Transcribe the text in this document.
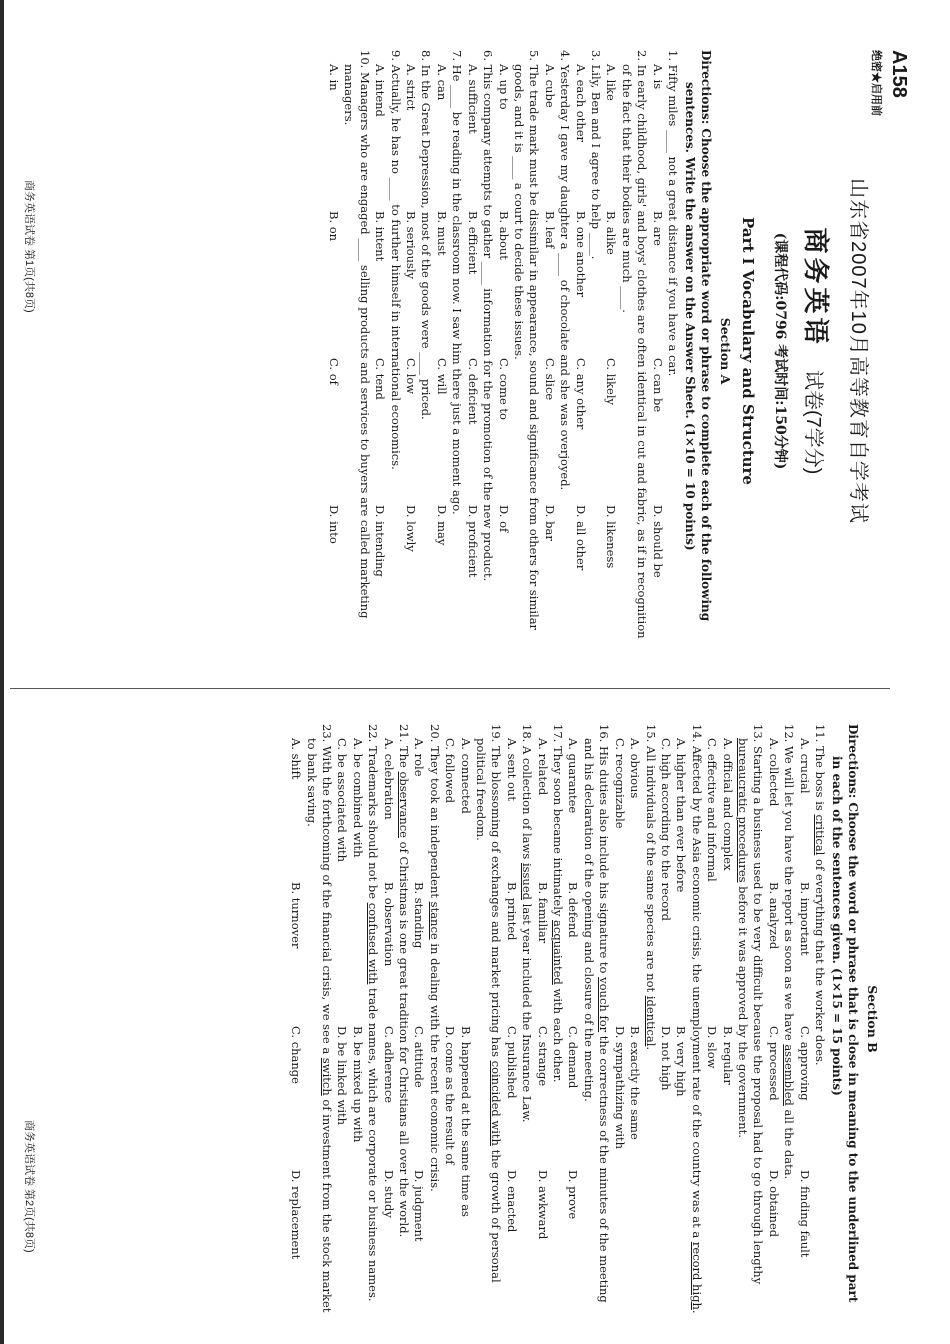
A158
绝密★启用前
山东省2007年10月高等教育自学考试
商务英语 试卷(7学分)
(课程代码:0796 考试时间:150分钟)
Part I Vocabulary and Structure
Section A
Directions: Choose the appropriate word or phrase to complete each of the following sentences. Write the answer on the Answer Sheet. (1×10 = 10 points)
1. Fifty miles ____ not a great distance if you have a car.
A. is
B. are
C. can be
D. should be
2. In early childhood, girls' and boys' clothes are often identical in cut and fabric, as if in recognition of the fact that their bodies are much ____.
A. like
B. alike
C. likely
D. likeness
3. Lily, Ben and I agree to help ____.
A. each other
B. one another
C. any other
D. all other
4. Yesterday I gave my daughter a ____ of chocolate and she was overjoyed.
A. cube
B. leaf
C. slice
D. bar
5. The trade mark must be dissimilar in appearance, sound and significance from others for similar goods, and it is ____ a court to decide these issues.
A. up to
B. about
C. come to
D. of
6. This company attempts to gather ____ information for the promotion of the new product.
A. sufficient
B. efficient
C. deficient
D. proficient
7. He ____ be reading in the classroom now. I saw him there just a moment ago.
A. can
B. must
C. will
D. may
8. In the Great Depression, most of the goods were ____ priced.
A. strict
B. seriously
C. low
D. lowly
9. Actually, he has no ____ to further himself in international economics.
A. intend
B. intent
C. tend
D. intending
10. Managers who are engaged ____ selling products and services to buyers are called marketing managers.
A. in
B. on
C. of
D. into
商务英语试卷 第1页(共8页)
Section B
Directions: Choose the word or phrase that is close in meaning to the underlined part in each of the sentences given. (1×15 = 15 points)
11. The boss is critical of everything that the worker does.
A. crucial
B. important
C. approving
D. finding fault
12. We will let you have the report as soon as we have assembled all the data.
A. collected
B. analyzed
C. processed
D. obtained
13. Starting a business used to be very difficult because the proposal had to go through lengthy bureaucratic procedures before it was approved by the government.
A. official and complex
B. regular
C. effective and informal
D. slow
14. Affected by the Asia economic crisis, the unemployment rate of the country was at a record high.
A. higher than ever before
B. very high
C. high according to the record
D. not high
15. All individuals of the same species are not identical.
A. obvious
B. exactly the same
C. recognizable
D. sympathizing with
16. His duties also include his signature to vouch for the correctness of the minutes of the meeting and his declaration of the opening and closure of the meeting.
A. guarantee
B. defend
C. demand
D. prove
17. They soon became intimately acquainted with each other.
A. related
B. familiar
C. strange
D. awkward
18. A collection of laws issued last year included the Insurance Law.
A. sent out
B. printed
C. published
D. enacted
19. The blossoming of exchanges and market pricing has coincided with the growth of personal political freedom.
A. connected
B. happened at the same time as
C. followed
D. come as the result of
20. They took an independent stance in dealing with the recent economic crisis.
A. role
B. standing
C. attitude
D. judgment
21. The observance of Christmas is one great tradition for Christians all over the world.
A. celebration
B. observation
C. adherence
D. study
22. Trademarks should not be confused with trade names, which are corporate or business names.
A. be combined with
B. be mixed up with
C. be associated with
D. be linked with
23. With the forthcoming of the financial crisis, we see a switch of investment from the stock market to bank saving.
A. shift
B. turnover
C. change
D. replacement
商务英语试卷 第2页(共8页)
